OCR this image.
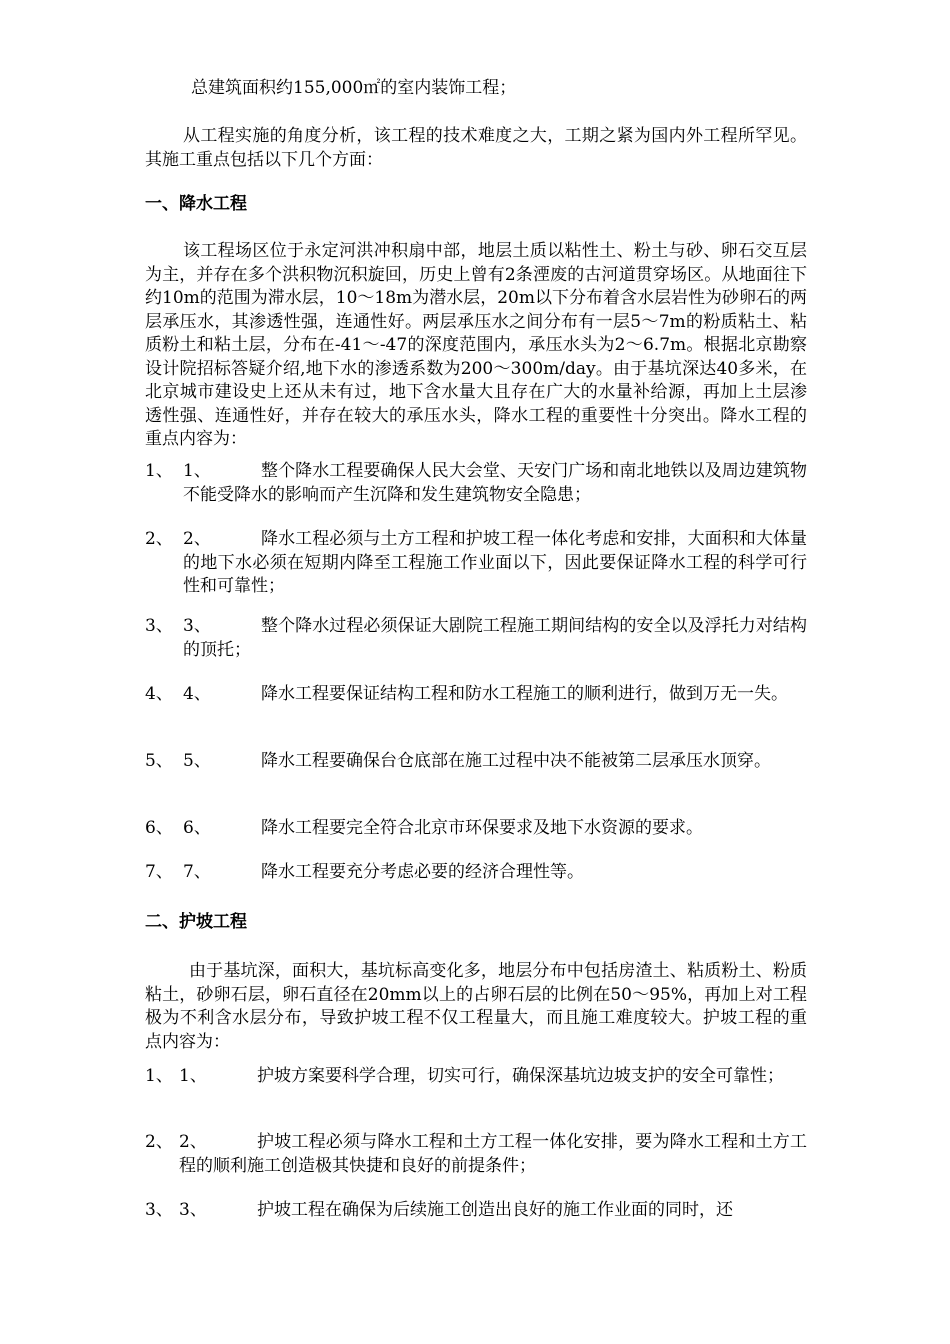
总建筑面积约155,000㎡的室内装饰工程；

从工程实施的角度分析，该工程的技术难度之大，工期之紧为国内外工程所罕见。其施工重点包括以下几个方面：

一、降水工程

该工程场区位于永定河洪冲积扇中部，地层土质以粘性土、粉土与砂、卵石交互层为主，并存在多个洪积物沉积旋回，历史上曾有2条湮废的古河道贯穿场区。从地面往下约10m的范围为滞水层，10～18m为潜水层，20m以下分布着含水层岩性为砂卵石的两层承压水，其渗透性强，连通性好。两层承压水之间分布有一层5～7m的粉质粘土、粘质粉土和粘土层，分布在-41～-47的深度范围内，承压水头为2～6.7m。根据北京勘察设计院招标答疑介绍,地下水的渗透系数为200～300m/day。由于基坑深达40多米，在北京城市建设史上还从未有过，地下含水量大且存在广大的水量补给源，再加上土层渗透性强、连通性好，并存在较大的承压水头，降水工程的重要性十分突出。降水工程的重点内容为：

1、 1、	整个降水工程要确保人民大会堂、天安门广场和南北地铁以及周边建筑物不能受降水的影响而产生沉降和发生建筑物安全隐患；
2、 2、	降水工程必须与土方工程和护坡工程一体化考虑和安排，大面积和大体量的地下水必须在短期内降至工程施工作业面以下，因此要保证降水工程的科学可行性和可靠性；
3、 3、	整个降水过程必须保证大剧院工程施工期间结构的安全以及浮托力对结构的顶托；
4、 4、	降水工程要保证结构工程和防水工程施工的顺利进行，做到万无一失。
5、 5、	降水工程要确保台仓底部在施工过程中决不能被第二层承压水顶穿。
6、 6、	降水工程要完全符合北京市环保要求及地下水资源的要求。
7、 7、	降水工程要充分考虑必要的经济合理性等。
二、护坡工程

由于基坑深，面积大，基坑标高变化多，地层分布中包括房渣土、粘质粉土、粉质粘土，砂卵石层，卵石直径在20mm以上的占卵石层的比例在50～95%，再加上对工程极为不利含水层分布，导致护坡工程不仅工程量大，而且施工难度较大。护坡工程的重点内容为：

1、 1、	护坡方案要科学合理，切实可行，确保深基坑边坡支护的安全可靠性；
2、 2、	护坡工程必须与降水工程和土方工程一体化安排，要为降水工程和土方工程的顺利施工创造极其快捷和良好的前提条件；
3、 3、	护坡工程在确保为后续施工创造出良好的施工作业面的同时，还
